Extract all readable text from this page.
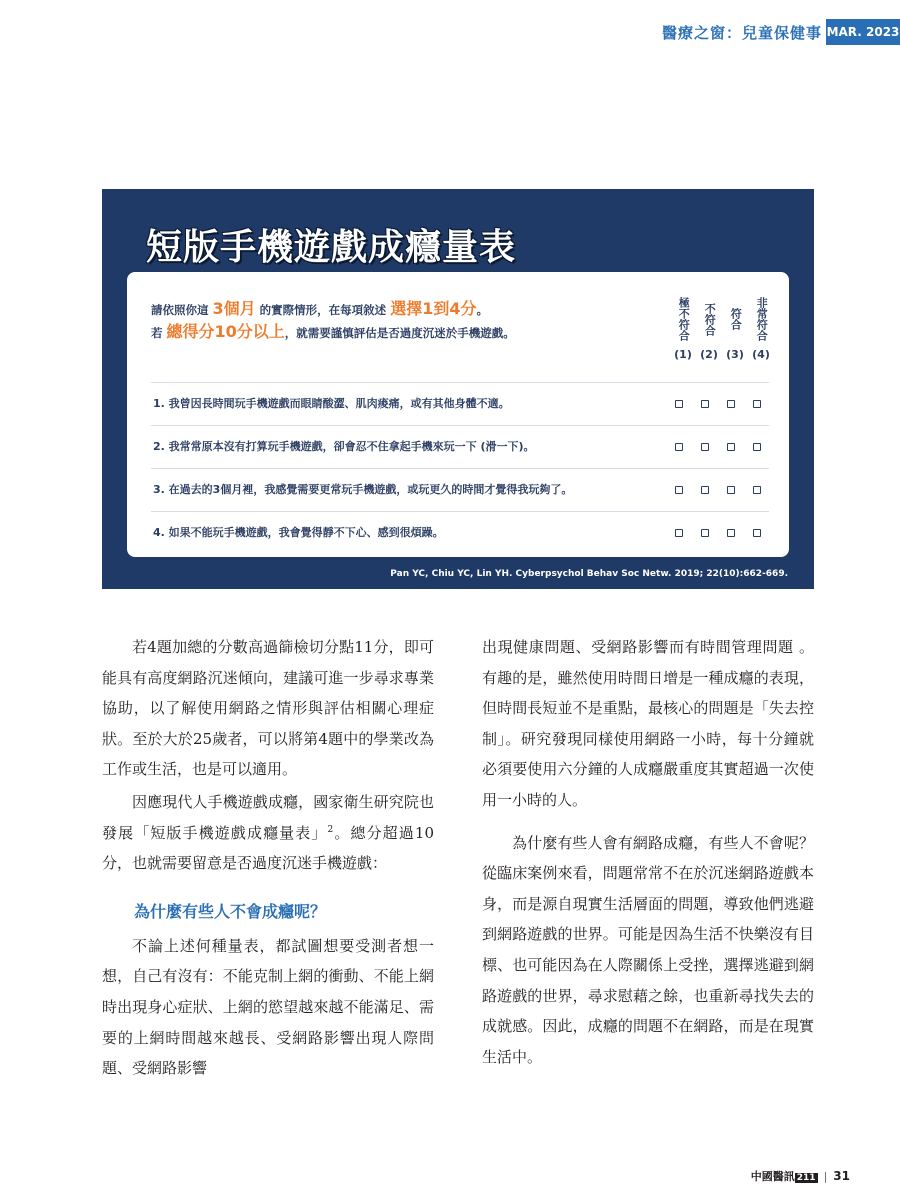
醫療之窗：兒童保健事 MAR. 2023
短版手機遊戲成癮量表
請依照你這 3個月 的實際情形，在每項敘述 選擇1到4分。
若 總得分10分以上，就需要謹慎評估是否過度沉迷於手機遊戲。	極不符合
(1)
不符合
(2)
符合
(3)
非常符合
(4)
1. 我曾因長時間玩手機遊戲而眼睛酸澀、肌肉痠痛，或有其他身體不適。
2. 我常常原本沒有打算玩手機遊戲，卻會忍不住拿起手機來玩一下 (滑一下)。
3. 在過去的3個月裡，我感覺需要更常玩手機遊戲，或玩更久的時間才覺得我玩夠了。
4. 如果不能玩手機遊戲，我會覺得靜不下心、感到很煩躁。
Pan YC, Chiu YC, Lin YH. Cyberpsychol Behav Soc Netw. 2019; 22(10):662-669.

若4題加總的分數高過篩檢切分點11分，即可能具有高度網路沉迷傾向，建議可進一步尋求專業協助，以了解使用網路之情形與評估相關心理症狀。至於大於25歲者，可以將第4題中的學業改為工作或生活，也是可以適用。

因應現代人手機遊戲成癮，國家衛生研究院也發展「短版手機遊戲成癮量表」$^2$。總分超過10分，也就需要留意是否過度沉迷手機遊戲：

為什麼有些人不會成癮呢？

不論上述何種量表，都試圖想要受測者想一想，自己有沒有：不能克制上網的衝動、不能上網時出現身心症狀、上網的慾望越來越不能滿足、需要的上網時間越來越長、受網路影響出現人際問題、受網路影響

出現健康問題、受網路影響而有時間管理問題 。有趣的是，雖然使用時間日增是一種成癮的表現，但時間長短並不是重點，最核心的問題是「失去控制」。研究發現同樣使用網路一小時，每十分鐘就必須要使用六分鐘的人成癮嚴重度其實超過一次使用一小時的人。

為什麼有些人會有網路成癮，有些人不會呢？從臨床案例來看，問題常常不在於沉迷網路遊戲本身，而是源自現實生活層面的問題，導致他們逃避到網路遊戲的世界。可能是因為生活不快樂沒有目標、也可能因為在人際關係上受挫，選擇逃避到網路遊戲的世界，尋求慰藉之餘，也重新尋找失去的成就感。因此，成癮的問題不在網路，而是在現實生活中。

中國醫訊 211 | 31
